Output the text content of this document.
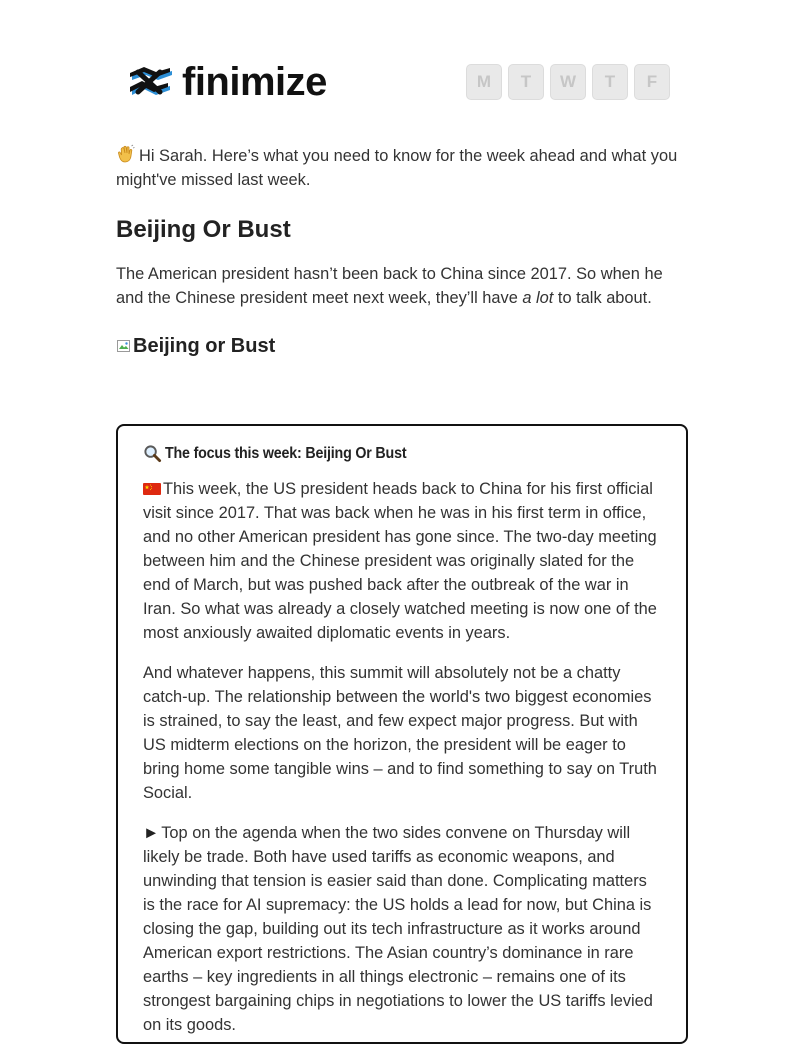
finimize	M	T	W	T	F
Hi Sarah. Here’s what you need to know for the week ahead and what you might've missed last week.
Beijing Or Bust

The American president hasn’t been back to China since 2017. So when he and the Chinese president meet next week, they’ll have a lot to talk about.

Beijing or Bust
The focus this week: Beijing Or Bust

This week, the US president heads back to China for his first official visit since 2017. That was back when he was in his first term in office, and no other American president has gone since. The two-day meeting between him and the Chinese president was originally slated for the end of March, but was pushed back after the outbreak of the war in Iran. So what was already a closely watched meeting is now one of the most anxiously awaited diplomatic events in years.

And whatever happens, this summit will absolutely not be a chatty catch-up. The relationship between the world's two biggest economies is strained, to say the least, and few expect major progress. But with US midterm elections on the horizon, the president will be eager to bring home some tangible wins – and to find something to say on Truth Social.

► Top on the agenda when the two sides convene on Thursday will likely be trade. Both have used tariffs as economic weapons, and unwinding that tension is easier said than done. Complicating matters is the race for AI supremacy: the US holds a lead for now, but China is closing the gap, building out its tech infrastructure as it works around American export restrictions. The Asian country’s dominance in rare earths – key ingredients in all things electronic – remains one of its strongest bargaining chips in negotiations to lower the US tariffs levied on its goods.
